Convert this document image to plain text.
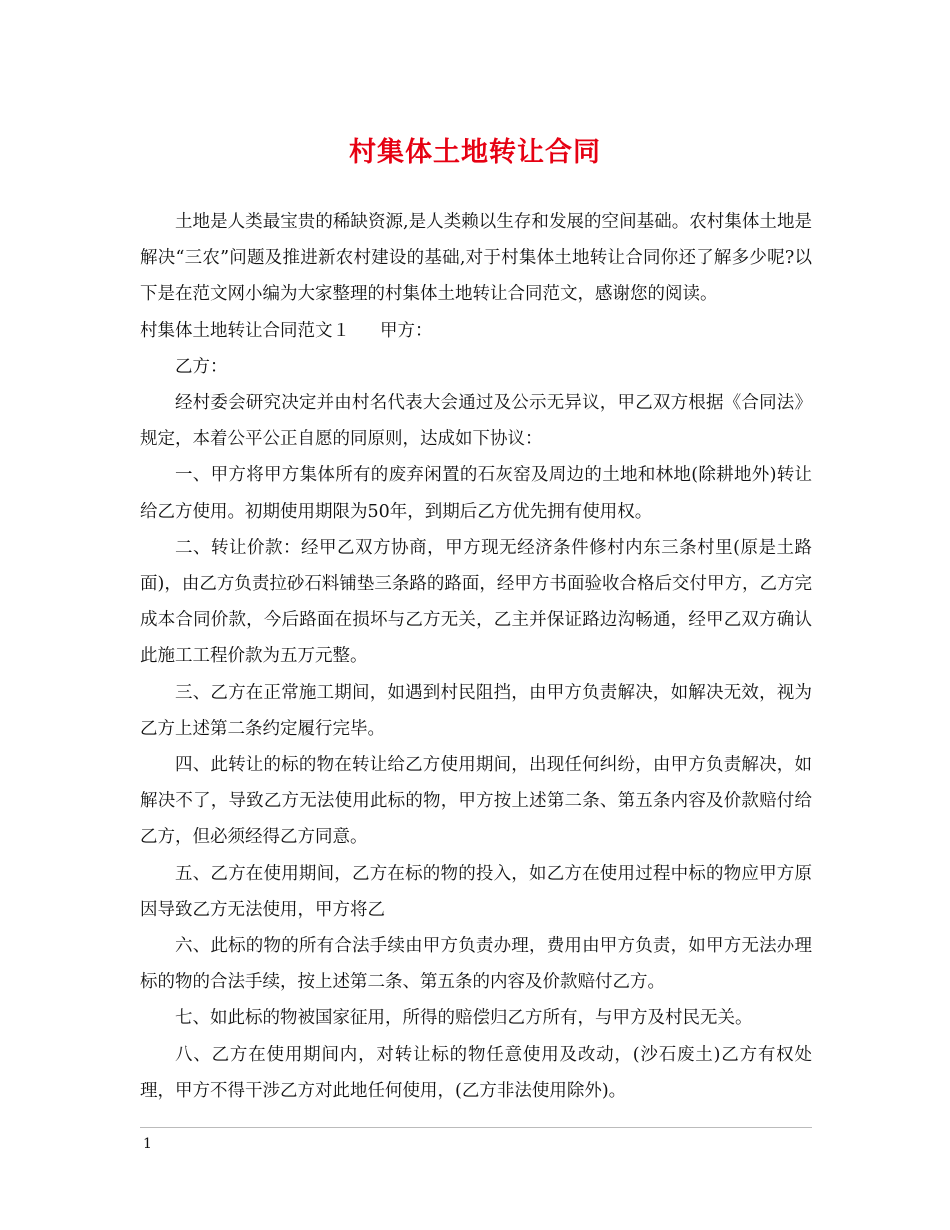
村集体土地转让合同

土地是人类最宝贵的稀缺资源,是人类赖以生存和发展的空间基础。农村集体土地是解决“三农”问题及推进新农村建设的基础,对于村集体土地转让合同你还了解多少呢?以下是在范文网小编为大家整理的村集体土地转让合同范文，感谢您的阅读。

村集体土地转让合同范文１ 甲方：

乙方：

经村委会研究决定并由村名代表大会通过及公示无异议，甲乙双方根据《合同法》规定，本着公平公正自愿的同原则，达成如下协议：

一、甲方将甲方集体所有的废弃闲置的石灰窑及周边的土地和林地(除耕地外)转让给乙方使用。初期使用期限为50年，到期后乙方优先拥有使用权。

二、转让价款：经甲乙双方协商，甲方现无经济条件修村内东三条村里(原是土路面)，由乙方负责拉砂石料铺垫三条路的路面，经甲方书面验收合格后交付甲方，乙方完成本合同价款，今后路面在损坏与乙方无关，乙主并保证路边沟畅通，经甲乙双方确认此施工工程价款为五万元整。

三、乙方在正常施工期间，如遇到村民阻挡，由甲方负责解决，如解决无效，视为乙方上述第二条约定履行完毕。

四、此转让的标的物在转让给乙方使用期间，出现任何纠纷，由甲方负责解决，如解决不了，导致乙方无法使用此标的物，甲方按上述第二条、第五条内容及价款赔付给乙方，但必须经得乙方同意。

五、乙方在使用期间，乙方在标的物的投入，如乙方在使用过程中标的物应甲方原因导致乙方无法使用，甲方将乙

六、此标的物的所有合法手续由甲方负责办理，费用由甲方负责，如甲方无法办理标的物的合法手续，按上述第二条、第五条的内容及价款赔付乙方。

七、如此标的物被国家征用，所得的赔偿归乙方所有，与甲方及村民无关。

八、乙方在使用期间内，对转让标的物任意使用及改动，(沙石废土)乙方有权处理，甲方不得干涉乙方对此地任何使用，(乙方非法使用除外)。

1
